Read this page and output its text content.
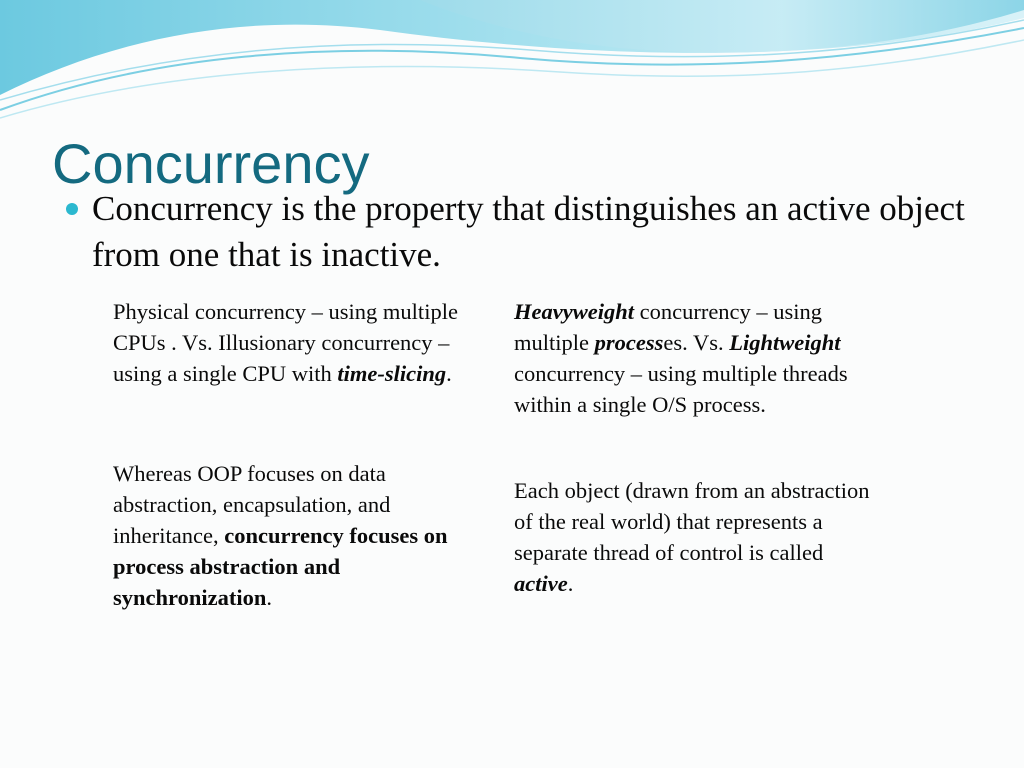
Concurrency
Concurrency is the property that distinguishes an active object from one that is inactive.

Physical concurrency – using multiple CPUs . Vs. Illusionary concurrency – using a single CPU with time-slicing.

Whereas OOP focuses on data abstraction, encapsulation, and inheritance, concurrency focuses on process abstraction and synchronization.

Heavyweight concurrency – using multiple processes. Vs. Lightweight concurrency – using multiple threads within a single O/S process.

Each object (drawn from an abstraction of the real world) that represents a separate thread of control is called active.
